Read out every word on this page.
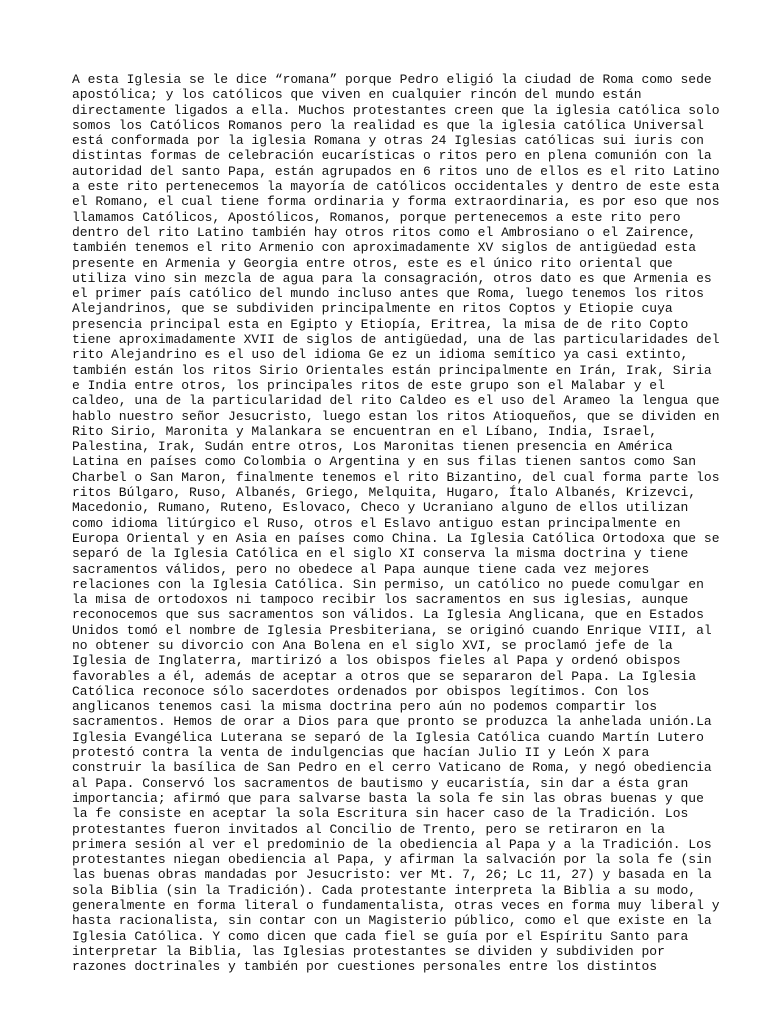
A esta Iglesia se le dice “romana” porque Pedro eligió la ciudad de Roma como sede
apostólica; y los católicos que viven en cualquier rincón del mundo están
directamente ligados a ella. Muchos protestantes creen que la iglesia católica solo
somos los Católicos Romanos pero la realidad es que la iglesia católica Universal
está conformada por la iglesia Romana y otras 24 Iglesias católicas sui iuris con
distintas formas de celebración eucarísticas o ritos pero en plena comunión con la
autoridad del santo Papa, están agrupados en 6 ritos uno de ellos es el rito Latino
a este rito pertenecemos la mayoría de católicos occidentales y dentro de este esta
el Romano, el cual tiene forma ordinaria y forma extraordinaria, es por eso que nos
llamamos Católicos, Apostólicos, Romanos, porque pertenecemos a este rito pero
dentro del rito Latino también hay otros ritos como el Ambrosiano o el Zairence,
también tenemos el rito Armenio con aproximadamente XV siglos de antigüedad esta
presente en Armenia y Georgia entre otros, este es el único rito oriental que
utiliza vino sin mezcla de agua para la consagración, otros dato es que Armenia es
el primer país católico del mundo incluso antes que Roma, luego tenemos los ritos
Alejandrinos, que se subdividen principalmente en ritos Coptos y Etiopie cuya
presencia principal esta en Egipto y Etiopía, Eritrea, la misa de de rito Copto
tiene aproximadamente XVII de siglos de antigüedad, una de las particularidades del
rito Alejandrino es el uso del idioma Ge ez un idioma semítico ya casi extinto,
también están los ritos Sirio Orientales están principalmente en Irán, Irak, Siria
e India entre otros, los principales ritos de este grupo son el Malabar y el
caldeo, una de la particularidad del rito Caldeo es el uso del Arameo la lengua que
hablo nuestro señor Jesucristo, luego estan los ritos Atioqueños, que se dividen en
Rito Sirio, Maronita y Malankara se encuentran en el Líbano, India, Israel,
Palestina, Irak, Sudán entre otros, Los Maronitas tienen presencia en América
Latina en países como Colombia o Argentina y en sus filas tienen santos como San
Charbel o San Maron, finalmente tenemos el rito Bizantino, del cual forma parte los
ritos Búlgaro, Ruso, Albanés, Griego, Melquita, Hugaro, Ítalo Albanés, Krizevci,
Macedonio, Rumano, Ruteno, Eslovaco, Checo y Ucraniano alguno de ellos utilizan
como idioma litúrgico el Ruso, otros el Eslavo antiguo estan principalmente en
Europa Oriental y en Asia en países como China. La Iglesia Católica Ortodoxa que se
separó de la Iglesia Católica en el siglo XI conserva la misma doctrina y tiene
sacramentos válidos, pero no obedece al Papa aunque tiene cada vez mejores
relaciones con la Iglesia Católica. Sin permiso, un católico no puede comulgar en
la misa de ortodoxos ni tampoco recibir los sacramentos en sus iglesias, aunque
reconocemos que sus sacramentos son válidos. La Iglesia Anglicana, que en Estados
Unidos tomó el nombre de Iglesia Presbiteriana, se originó cuando Enrique VIII, al
no obtener su divorcio con Ana Bolena en el siglo XVI, se proclamó jefe de la
Iglesia de Inglaterra, martirizó a los obispos fieles al Papa y ordenó obispos
favorables a él, además de aceptar a otros que se separaron del Papa. La Iglesia
Católica reconoce sólo sacerdotes ordenados por obispos legítimos. Con los
anglicanos tenemos casi la misma doctrina pero aún no podemos compartir los
sacramentos. Hemos de orar a Dios para que pronto se produzca la anhelada unión.La
Iglesia Evangélica Luterana se separó de la Iglesia Católica cuando Martín Lutero
protestó contra la venta de indulgencias que hacían Julio II y León X para
construir la basílica de San Pedro en el cerro Vaticano de Roma, y negó obediencia
al Papa. Conservó los sacramentos de bautismo y eucaristía, sin dar a ésta gran
importancia; afirmó que para salvarse basta la sola fe sin las obras buenas y que
la fe consiste en aceptar la sola Escritura sin hacer caso de la Tradición. Los
protestantes fueron invitados al Concilio de Trento, pero se retiraron en la
primera sesión al ver el predominio de la obediencia al Papa y a la Tradición. Los
protestantes niegan obediencia al Papa, y afirman la salvación por la sola fe (sin
las buenas obras mandadas por Jesucristo: ver Mt. 7, 26; Lc 11, 27) y basada en la
sola Biblia (sin la Tradición). Cada protestante interpreta la Biblia a su modo,
generalmente en forma literal o fundamentalista, otras veces en forma muy liberal y
hasta racionalista, sin contar con un Magisterio público, como el que existe en la
Iglesia Católica. Y como dicen que cada fiel se guía por el Espíritu Santo para
interpretar la Biblia, las Iglesias protestantes se dividen y subdividen por
razones doctrinales y también por cuestiones personales entre los distintos
